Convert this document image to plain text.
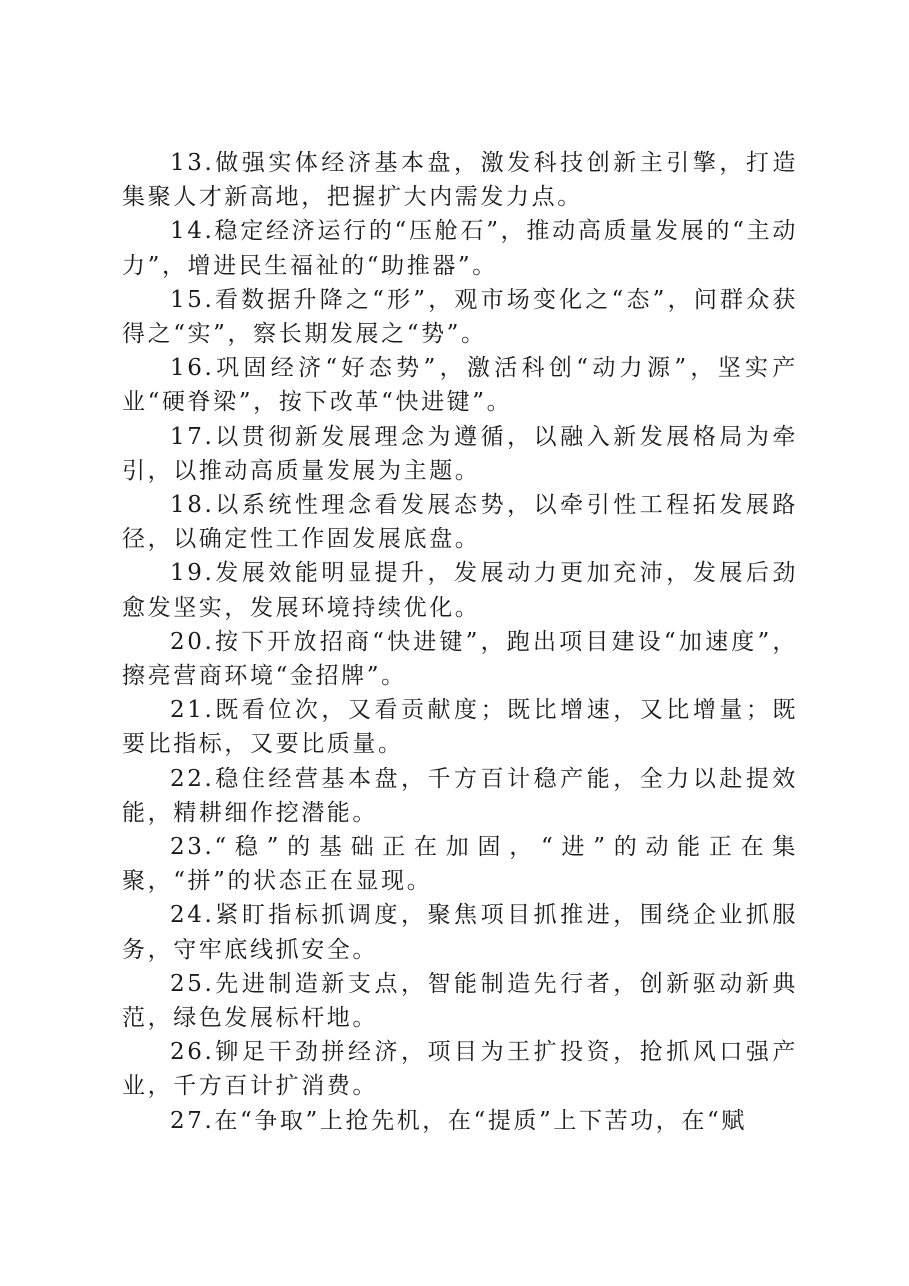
13.做强实体经济基本盘，激发科技创新主引擎，打造集聚人才新高地，把握扩大内需发力点。

14.稳定经济运行的“压舱石”，推动高质量发展的“主动力”，增进民生福祉的“助推器”。

15.看数据升降之“形”，观市场变化之“态”，问群众获得之“实”，察长期发展之“势”。

16.巩固经济“好态势”，激活科创“动力源”，坚实产业“硬脊梁”，按下改革“快进键”。

17.以贯彻新发展理念为遵循，以融入新发展格局为牵引，以推动高质量发展为主题。

18.以系统性理念看发展态势，以牵引性工程拓发展路径，以确定性工作固发展底盘。

19.发展效能明显提升，发展动力更加充沛，发展后劲愈发坚实，发展环境持续优化。

20.按下开放招商“快进键”，跑出项目建设“加速度”，擦亮营商环境“金招牌”。

21.既看位次，又看贡献度；既比增速，又比增量；既要比指标，又要比质量。

22.稳住经营基本盘，千方百计稳产能，全力以赴提效能，精耕细作挖潜能。

23.“稳”的基础正在加固，“进”的动能正在集聚，“拼”的状态正在显现。

24.紧盯指标抓调度，聚焦项目抓推进，围绕企业抓服务，守牢底线抓安全。

25.先进制造新支点，智能制造先行者，创新驱动新典范，绿色发展标杆地。

26.铆足干劲拼经济，项目为王扩投资，抢抓风口强产业，千方百计扩消费。

27.在“争取”上抢先机，在“提质”上下苦功，在“赋
